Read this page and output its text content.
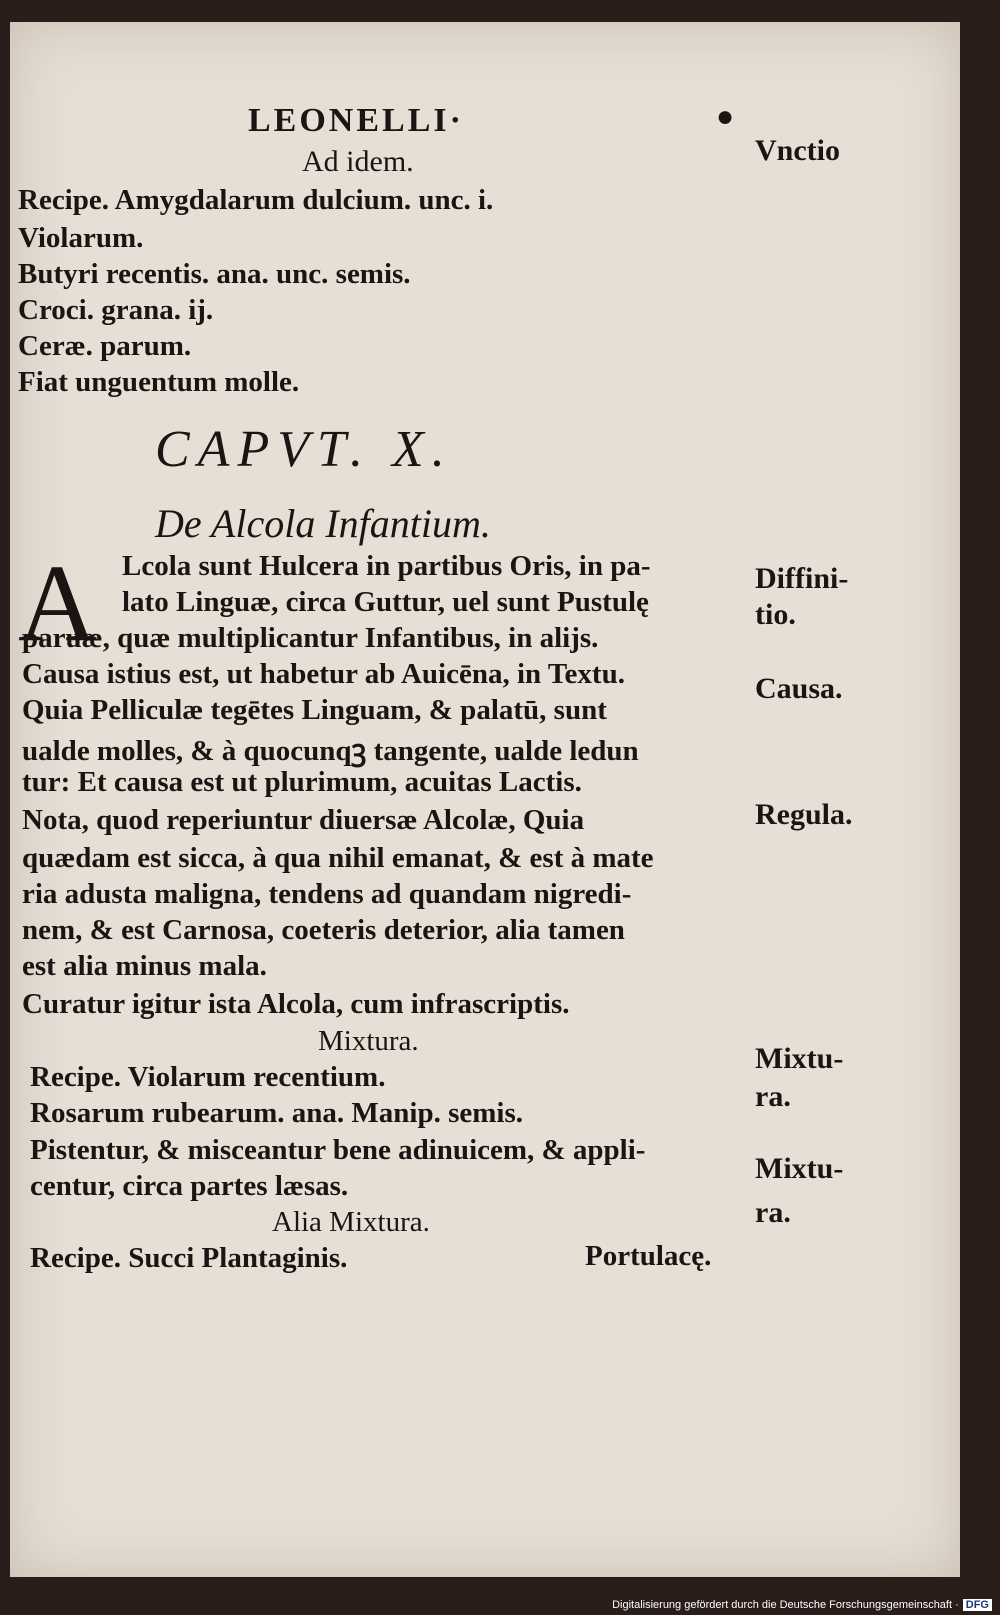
LEONELLI·	●
Vnctio
Ad idem.
Recipe. Amygdalarum dulcium. unc. i.
Violarum.
Butyri recentis. ana. unc. semis.
Croci. grana. ij.
Ceræ. parum.
Fiat unguentum molle.
CAPVT. X.
De Alcola Infantium.
A Lcola sunt Hulcera in partibus Oris, in pa-
lato Linguæ, circa Guttur, uel sunt Pustulę
paruæ, quæ multiplicantur Infantibus, in alijs.
Causa istius est, ut habetur ab Auicēna, in Textu.
Quia Pelliculæ tegētes Linguam, & palatū, sunt
ualde molles, & à quocunqꝫ tangente, ualde ledun
tur: Et causa est ut plurimum, acuitas Lactis.
Nota, quod reperiuntur diuersæ Alcolæ, Quia
quædam est sicca, à qua nihil emanat, & est à mate
ria adusta maligna, tendens ad quandam nigredi-
nem, & est Carnosa, coeteris deterior, alia tamen
est alia minus mala.
Curatur igitur ista Alcola, cum infrascriptis.
Diffini-
tio.
Causa.
Regula.
Mixtura.
Recipe. Violarum recentium.
Rosarum rubearum. ana. Manip. semis.
Pistentur, & misceantur bene adinuicem, & appli-
centur, circa partes læsas.
Mixtu-
ra.
Mixtu-
ra.
Alia Mixtura.
Recipe. Succi Plantaginis.	Portulacę.
Digitalisierung gefördert durch die Deutsche Forschungsgemeinschaft · DFG
